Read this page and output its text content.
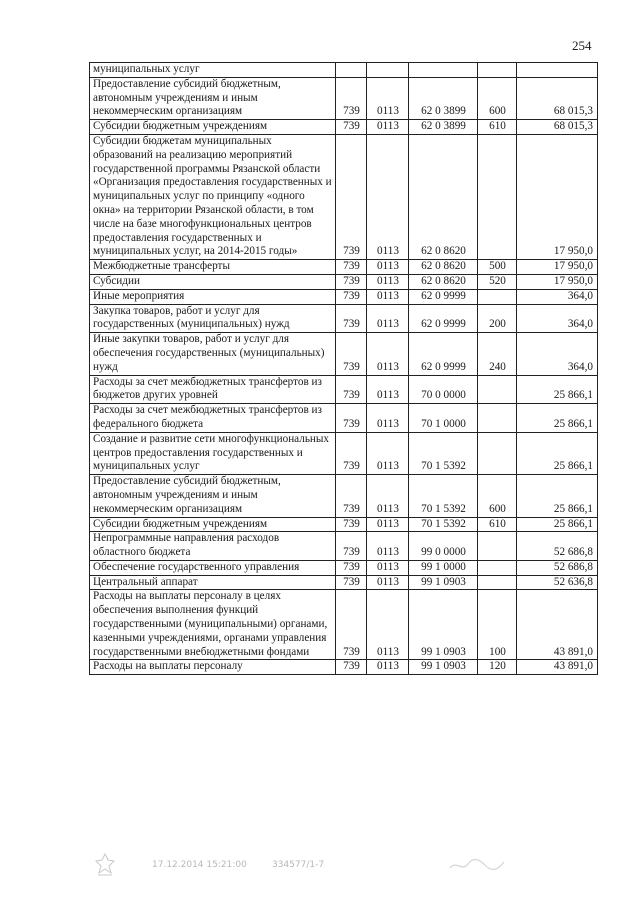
254
муниципальных услуг					
Предоставление субсидий бюджетным, автономным учреждениям и иным некоммерческим организациям	739	0113	62 0 3899	600	68 015,3
Субсидии бюджетным учреждениям	739	0113	62 0 3899	610	68 015,3
Субсидии бюджетам муниципальных образований на реализацию мероприятий государственной программы Рязанской области «Организация предоставления государственных и муниципальных услуг по принципу «одного окна» на территории Рязанской области, в том числе на базе многофункциональных центров предоставления государственных и муниципальных услуг, на 2014-2015 годы»	739	0113	62 0 8620		17 950,0
Межбюджетные трансферты	739	0113	62 0 8620	500	17 950,0
Субсидии	739	0113	62 0 8620	520	17 950,0
Иные мероприятия	739	0113	62 0 9999		364,0
Закупка товаров, работ и услуг для государственных (муниципальных) нужд	739	0113	62 0 9999	200	364,0
Иные закупки товаров, работ и услуг для обеспечения государственных (муниципальных) нужд	739	0113	62 0 9999	240	364,0
Расходы за счет межбюджетных трансфертов из бюджетов других уровней	739	0113	70 0 0000		25 866,1
Расходы за счет межбюджетных трансфертов из федерального бюджета	739	0113	70 1 0000		25 866,1
Создание и развитие сети многофункциональных центров предоставления государственных и муниципальных услуг	739	0113	70 1 5392		25 866,1
Предоставление субсидий бюджетным, автономным учреждениям и иным некоммерческим организациям	739	0113	70 1 5392	600	25 866,1
Субсидии бюджетным учреждениям	739	0113	70 1 5392	610	25 866,1
Непрограммные направления расходов областного бюджета	739	0113	99 0 0000		52 686,8
Обеспечение государственного управления	739	0113	99 1 0000		52 686,8
Центральный аппарат	739	0113	99 1 0903		52 636,8
Расходы на выплаты персоналу в целях обеспечения выполнения функций государственными (муниципальными) органами, казенными учреждениями, органами управления государственными внебюджетными фондами	739	0113	99 1 0903	100	43 891,0
Расходы на выплаты персоналу	739	0113	99 1 0903	120	43 891,0
17.12.2014 15:21:00	334577/1-7
